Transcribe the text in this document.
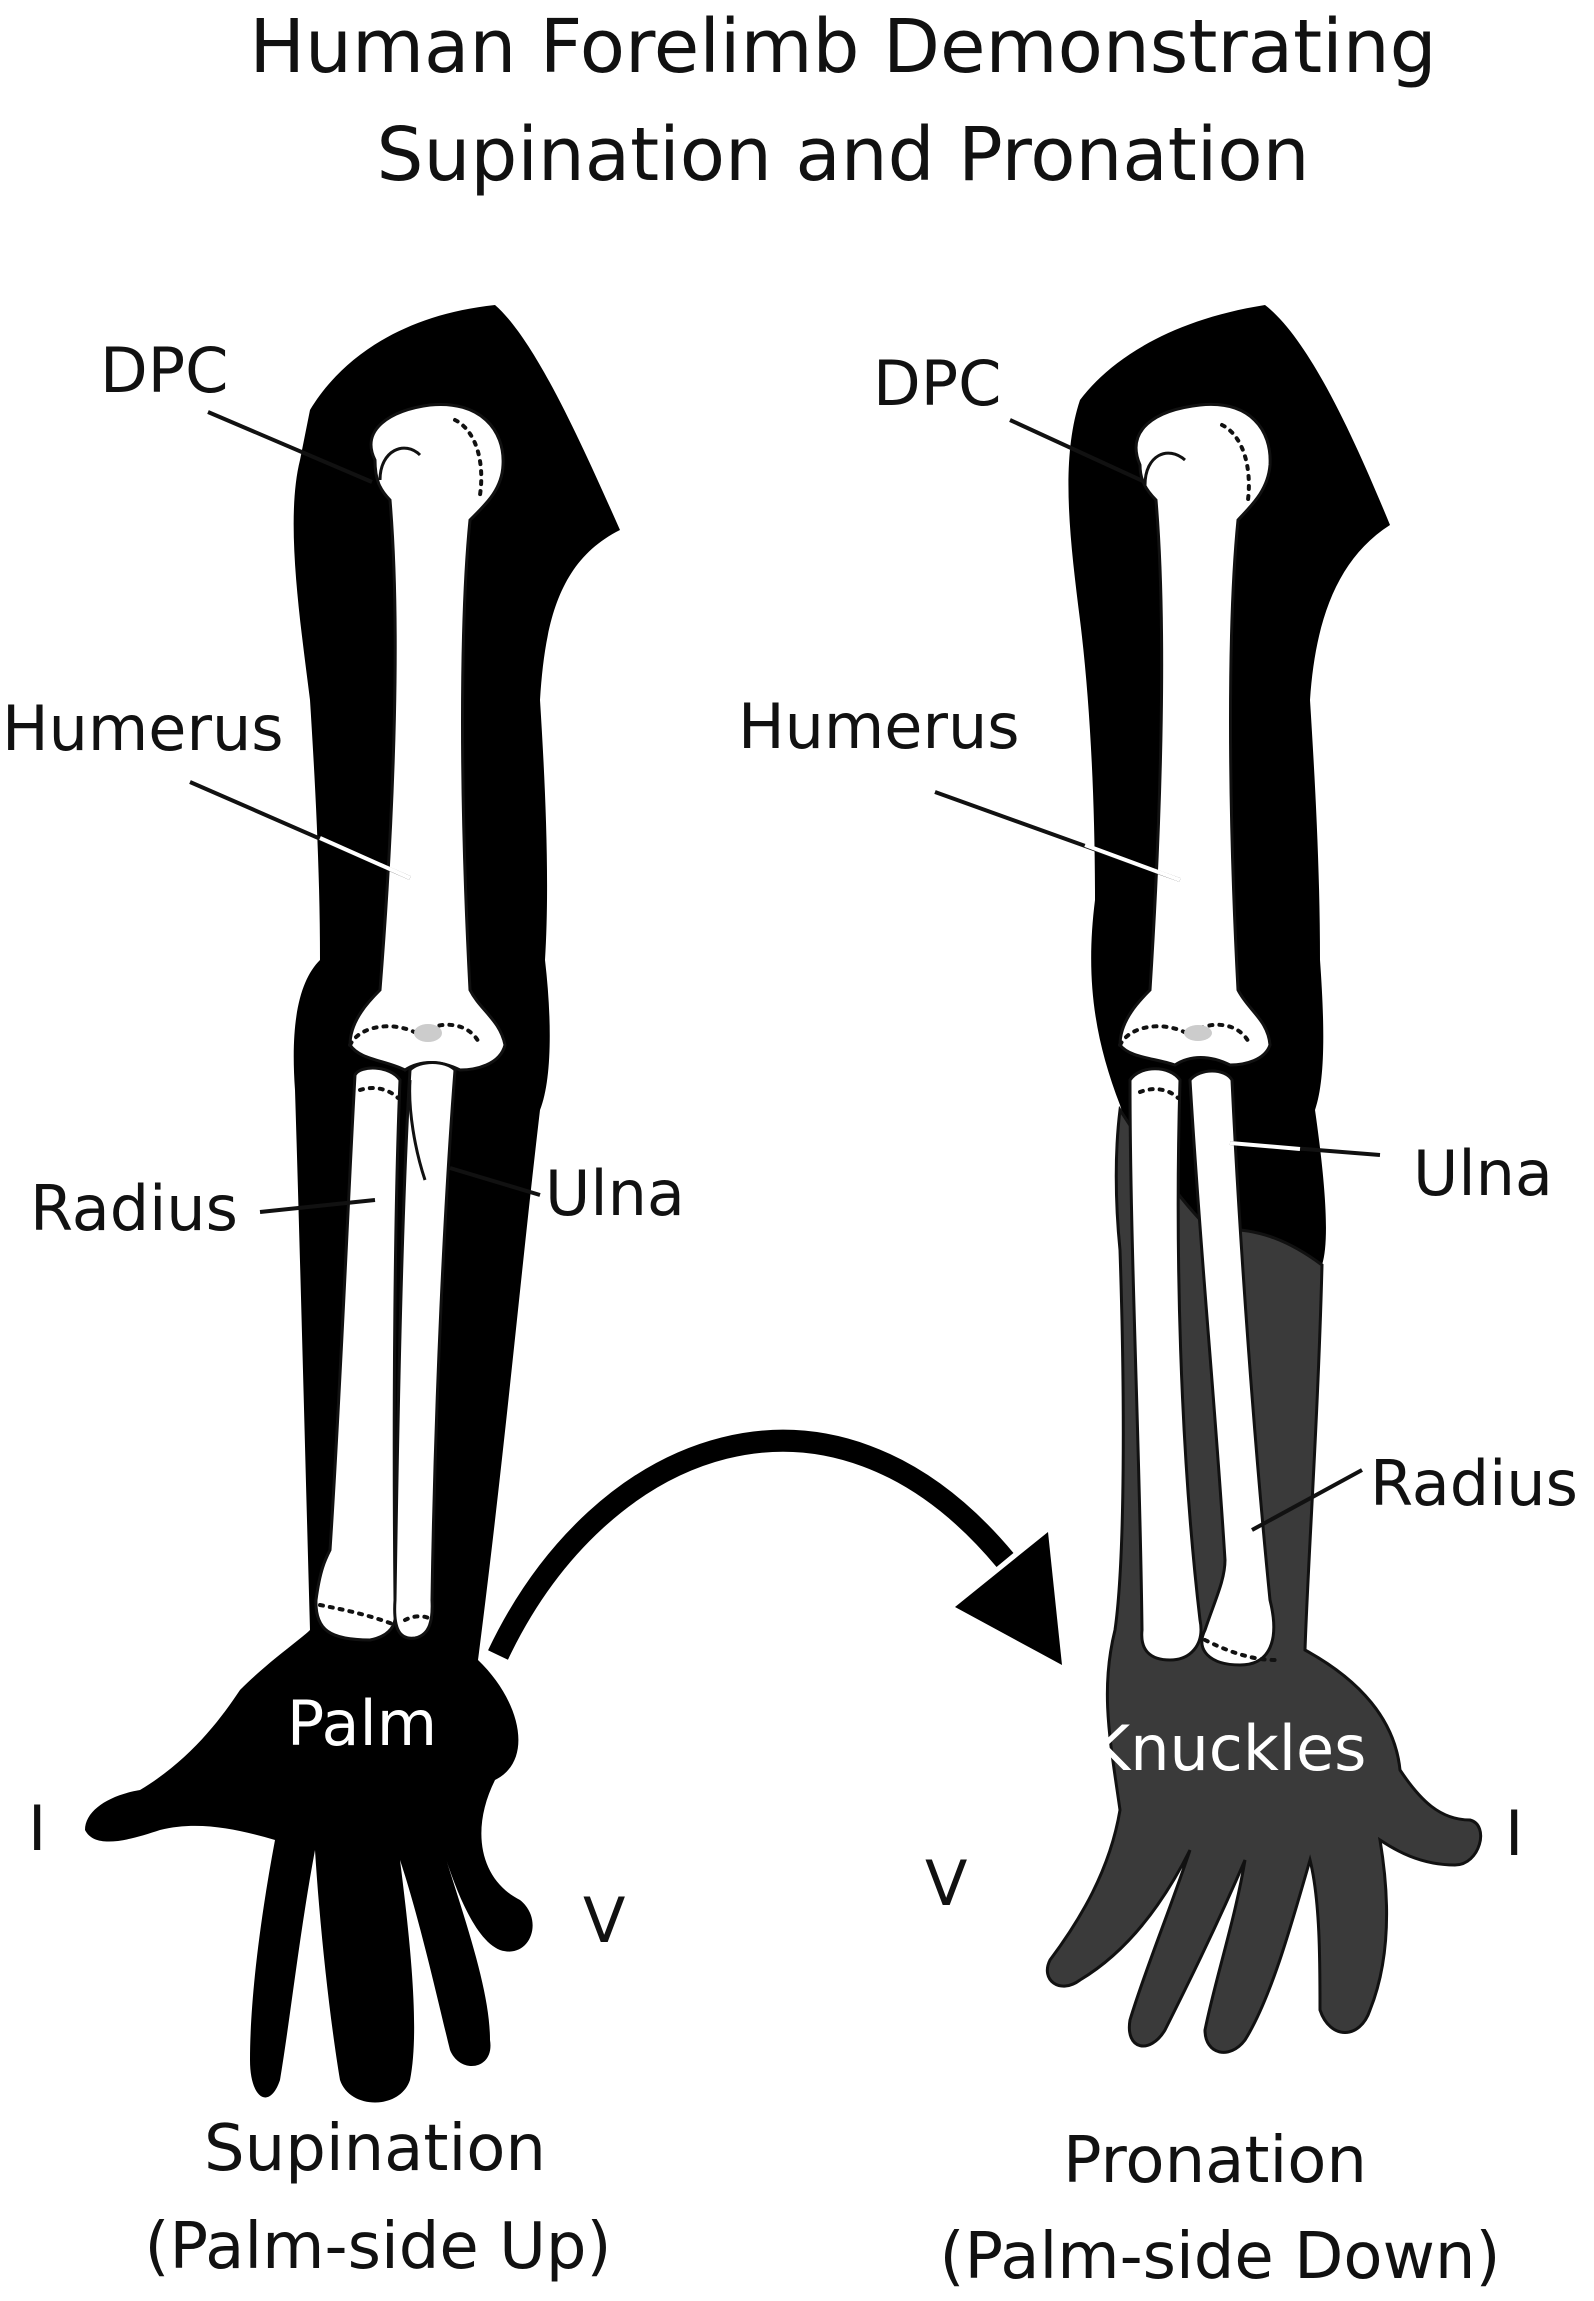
Human Forelimb Demonstrating
Supination and Pronation
DPC
Humerus
Radius	Ulna
Palm
I
V
Supination
(Palm-side Up)
DPC
Humerus
Ulna
Radius
Knuckles
V
I
Pronation
(Palm-side Down)
